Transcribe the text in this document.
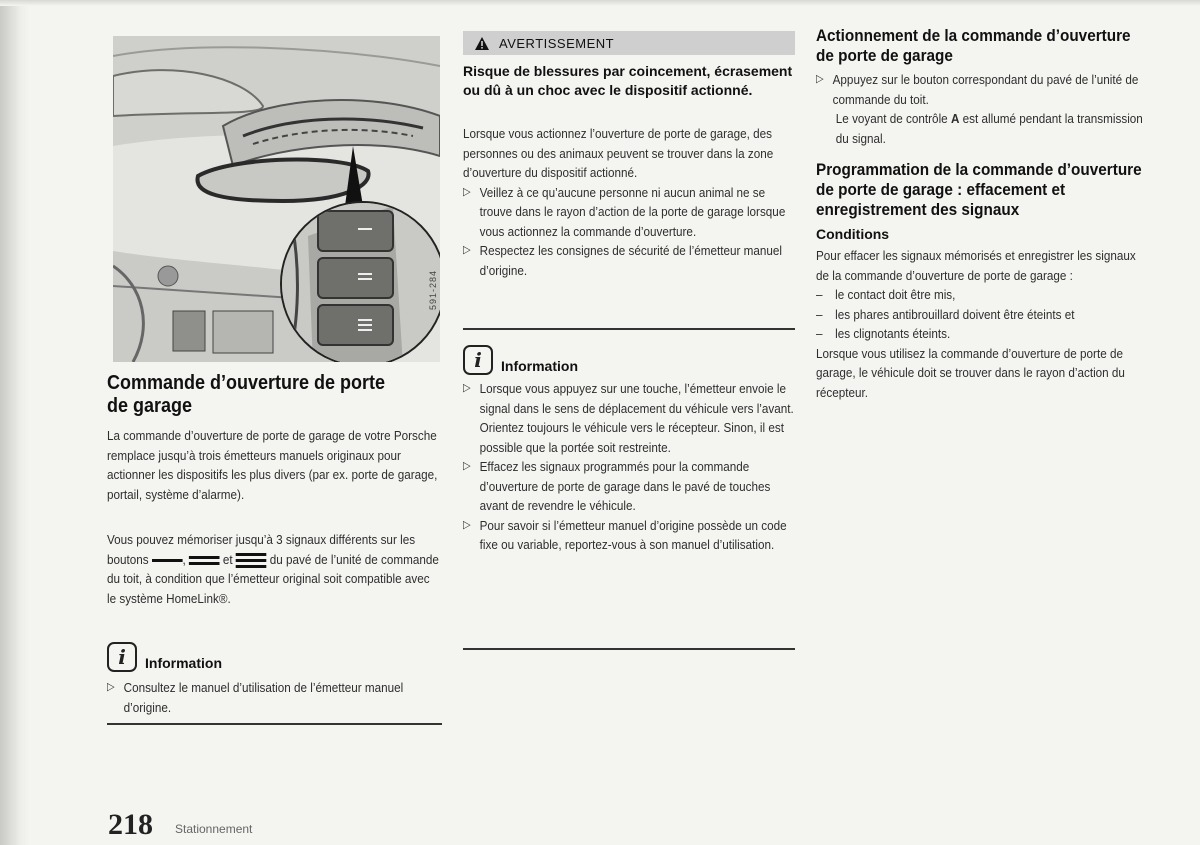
591-284
Commande d’ouverture de porte de garage
La commande d’ouverture de porte de garage de votre Porsche remplace jusqu’à trois émetteurs manuels originaux pour actionner les dispositifs les plus divers (par ex. porte de garage, portail, système d’alarme).
Vous pouvez mémoriser jusqu’à 3 signaux différents sur les boutons	,	et	du pavé de l’unité de commande du toit, à condition que l’émetteur original soit compatible avec le système HomeLink®.
i	Information
▷ Consultez le manuel d’utilisation de l’émetteur manuel d’origine.
AVERTISSEMENT
Risque de blessures par coincement, écrasement ou dû à un choc avec le dispositif actionné.
Lorsque vous actionnez l’ouverture de porte de garage, des personnes ou des animaux peuvent se trouver dans la zone d’ouverture du dispositif actionné.
▷ Veillez à ce qu’aucune personne ni aucun animal ne se trouve dans le rayon d’action de la porte de garage lorsque vous actionnez la commande d’ouverture.
▷ Respectez les consignes de sécurité de l’émetteur manuel d’origine.
i	Information
▷ Lorsque vous appuyez sur une touche, l’émetteur envoie le signal dans le sens de déplacement du véhicule vers l’avant. Orientez toujours le véhicule vers le récepteur. Sinon, il est possible que la portée soit restreinte.
▷ Effacez les signaux programmés pour la commande d’ouverture de porte de garage dans le pavé de touches avant de revendre le véhicule.
▷ Pour savoir si l’émetteur manuel d’origine possède un code fixe ou variable, reportez-vous à son manuel d’utilisation.
Actionnement de la commande d’ouverture de porte de garage
▷ Appuyez sur le bouton correspondant du pavé de l’unité de commande du toit.
Le voyant de contrôle A est allumé pendant la transmission du signal.
Programmation de la commande d’ouverture de porte de garage : effacement et enregistrement des signaux
Conditions
Pour effacer les signaux mémorisés et enregistrer les signaux de la commande d’ouverture de porte de garage :
– le contact doit être mis,
– les phares antibrouillard doivent être éteints et
– les clignotants éteints.
Lorsque vous utilisez la commande d’ouverture de porte de garage, le véhicule doit se trouver dans le rayon d’action du récepteur.
218 Stationnement
